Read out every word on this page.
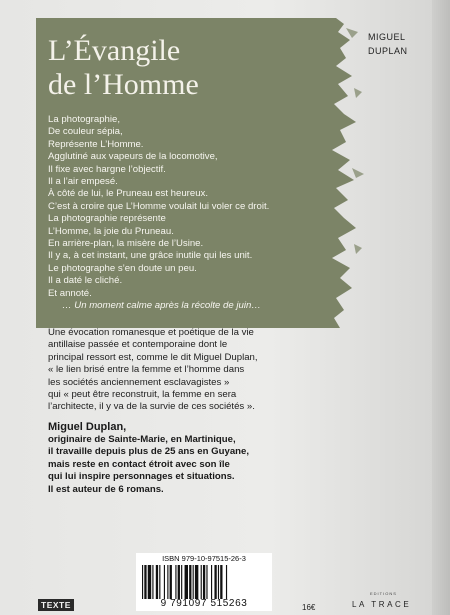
MIGUEL
DUPLAN
L’Évangile
de l’Homme
La photographie,
De couleur sépia,
Représente L’Homme.
Agglutiné aux vapeurs de la locomotive,
Il fixe avec hargne l’objectif.
Il a l’air empesé.
À côté de lui, le Pruneau est heureux.
C’est à croire que L’Homme voulait lui voler ce droit.
La photographie représente
L’Homme, la joie du Pruneau.
En arrière-plan, la misère de l’Usine.
Il y a, à cet instant, une grâce inutile qui les unit.
Le photographe s’en doute un peu.
Il a daté le cliché.
Et annoté.
… Un moment calme après la récolte de juin…
Une évocation romanesque et poétique de la vie
antillaise passée et contemporaine dont le
principal ressort est, comme le dit Miguel Duplan,
« le lien brisé entre la femme et l’homme dans
les sociétés anciennement esclavagistes »
qui « peut être reconstruit, la femme en sera
l’architecte, il y va de la survie de ces sociétés ».
Miguel Duplan,
originaire de Sainte-Marie, en Martinique,
il travaille depuis plus de 25 ans en Guyane,
mais reste en contact étroit avec son île
qui lui inspire personnages et situations.
Il est auteur de 6 romans.
ISBN 979-10-97515-26-3
9 791097 515263
TEXTE	16€
EDITIONS
LA TRACE
